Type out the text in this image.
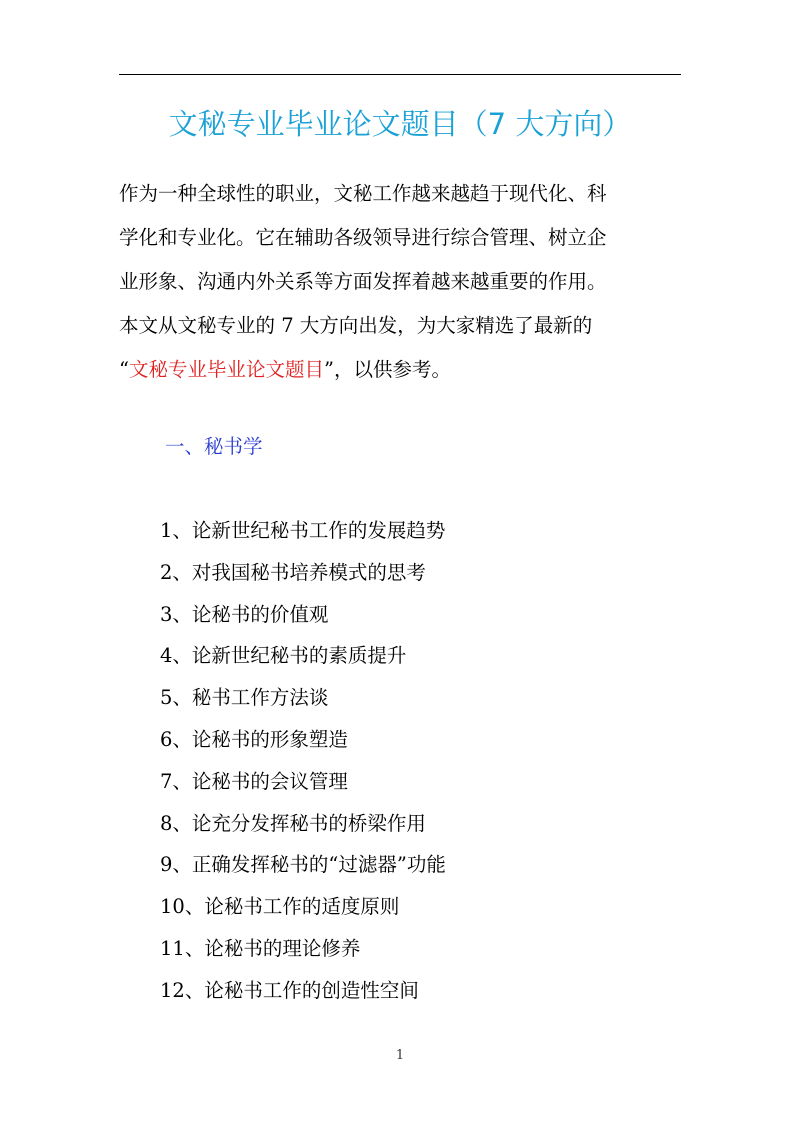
文秘专业毕业论文题目（7 大方向）
作为一种全球性的职业，文秘工作越来越趋于现代化、科
学化和专业化。它在辅助各级领导进行综合管理、树立企
业形象、沟通内外关系等方面发挥着越来越重要的作用。
本文从文秘专业的 7 大方向出发，为大家精选了最新的
“文秘专业毕业论文题目”，以供参考。
一、秘书学
1、论新世纪秘书工作的发展趋势
2、对我国秘书培养模式的思考
3、论秘书的价值观
4、论新世纪秘书的素质提升
5、秘书工作方法谈
6、论秘书的形象塑造
7、论秘书的会议管理
8、论充分发挥秘书的桥梁作用
9、正确发挥秘书的“过滤器”功能
10、论秘书工作的适度原则
11、论秘书的理论修养
12、论秘书工作的创造性空间
1
